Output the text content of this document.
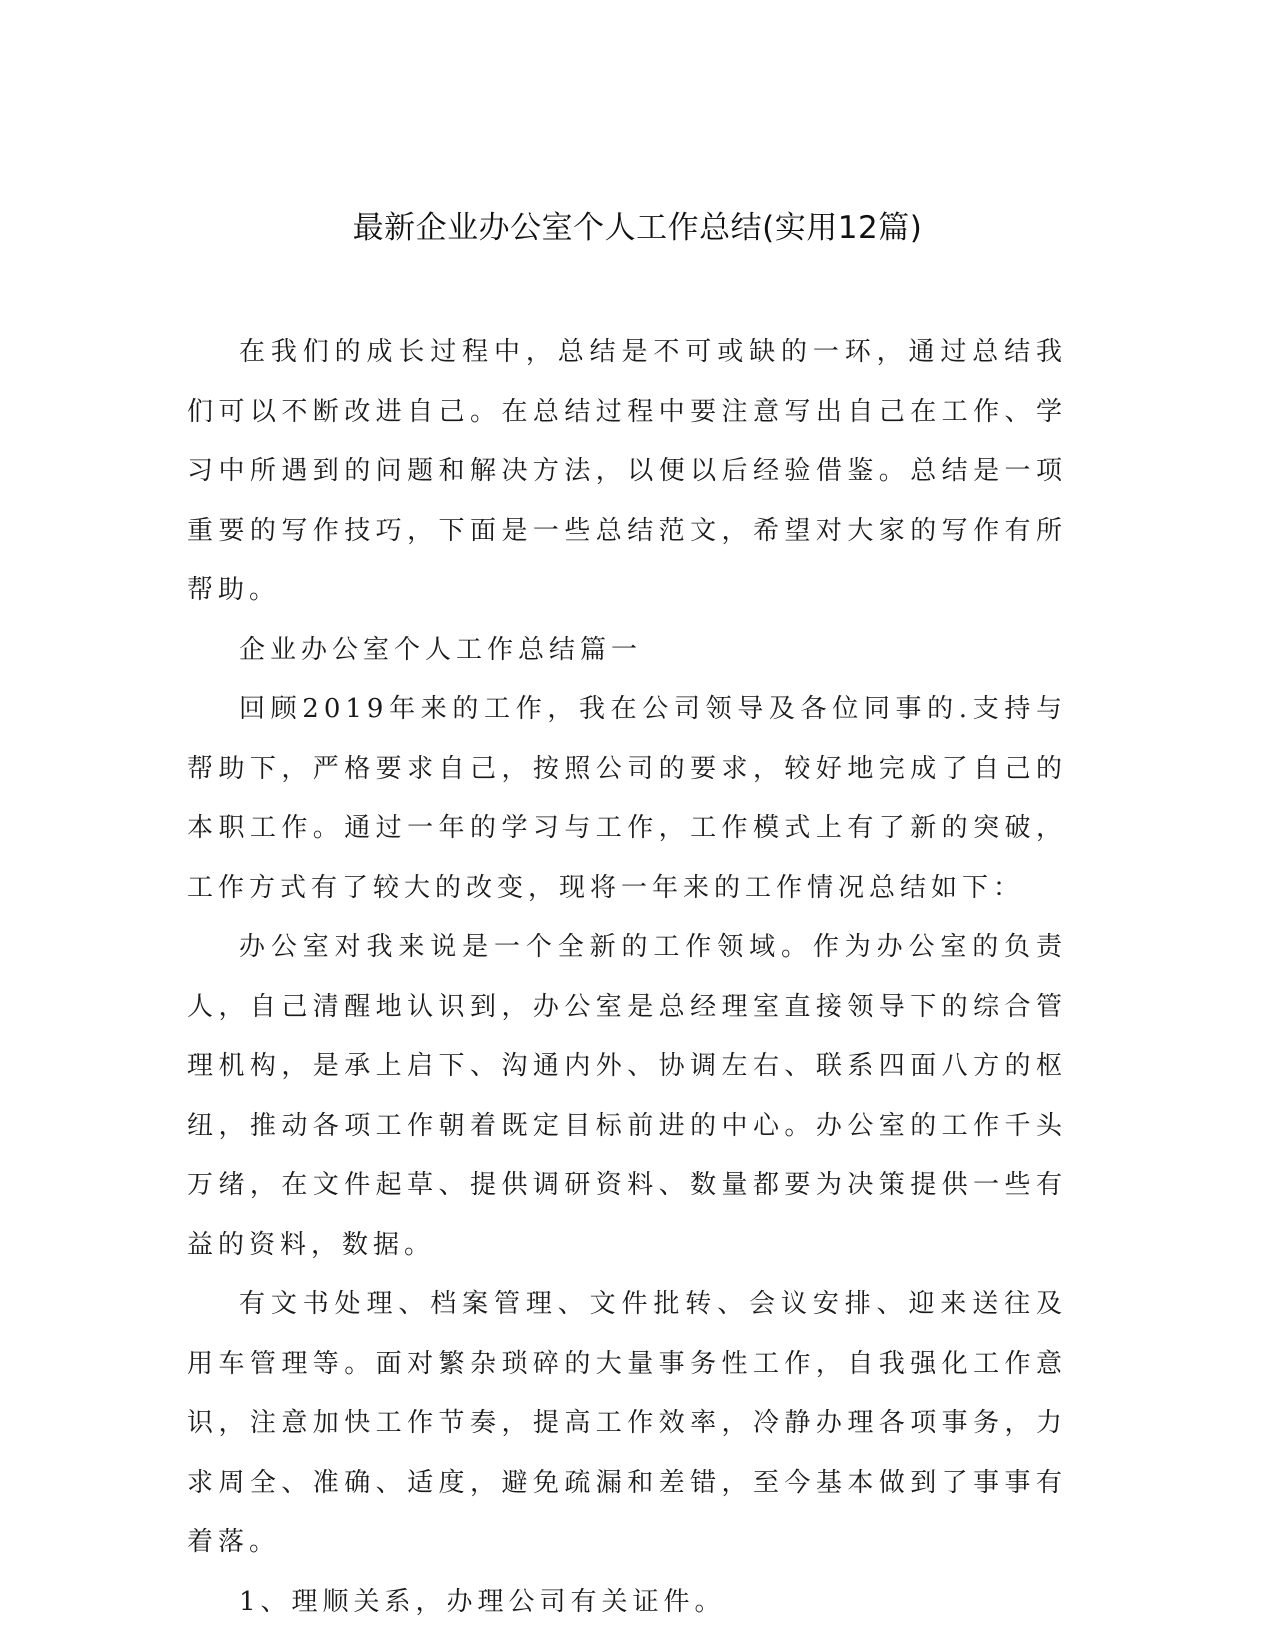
最新企业办公室个人工作总结(实用12篇)

在我们的成长过程中，总结是不可或缺的一环，通过总结我们可以不断改进自己。在总结过程中要注意写出自己在工作、学习中所遇到的问题和解决方法，以便以后经验借鉴。总结是一项重要的写作技巧，下面是一些总结范文，希望对大家的写作有所帮助。

企业办公室个人工作总结篇一

回顾2019年来的工作，我在公司领导及各位同事的.支持与帮助下，严格要求自己，按照公司的要求，较好地完成了自己的本职工作。通过一年的学习与工作，工作模式上有了新的突破，工作方式有了较大的改变，现将一年来的工作情况总结如下：

办公室对我来说是一个全新的工作领域。作为办公室的负责人，自己清醒地认识到，办公室是总经理室直接领导下的综合管理机构，是承上启下、沟通内外、协调左右、联系四面八方的枢纽，推动各项工作朝着既定目标前进的中心。办公室的工作千头万绪，在文件起草、提供调研资料、数量都要为决策提供一些有益的资料，数据。

有文书处理、档案管理、文件批转、会议安排、迎来送往及用车管理等。面对繁杂琐碎的大量事务性工作，自我强化工作意识，注意加快工作节奏，提高工作效率，冷静办理各项事务，力求周全、准确、适度，避免疏漏和差错，至今基本做到了事事有着落。

1、理顺关系，办理公司有关证件。
